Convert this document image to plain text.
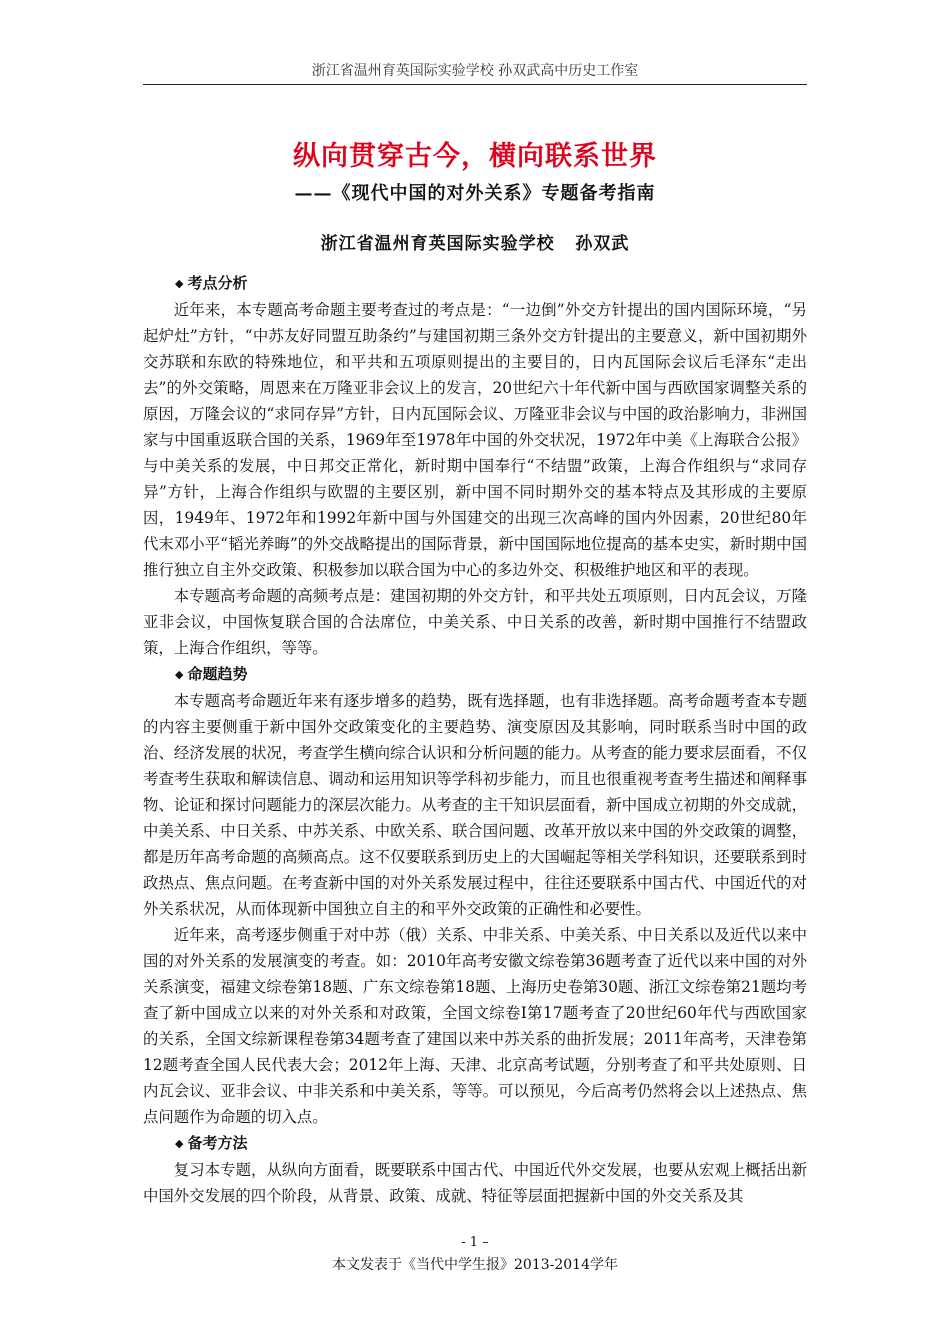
浙江省温州育英国际实验学校 孙双武高中历史工作室
纵向贯穿古今，横向联系世界
——《现代中国的对外关系》专题备考指南
浙江省温州育英国际实验学校   孙双武
◆ 考点分析

近年来，本专题高考命题主要考查过的考点是：“一边倒”外交方针提出的国内国际环境，“另起炉灶”方针，“中苏友好同盟互助条约”与建国初期三条外交方针提出的主要意义，新中国初期外交苏联和东欧的特殊地位，和平共和五项原则提出的主要目的，日内瓦国际会议后毛泽东“走出去”的外交策略，周恩来在万隆亚非会议上的发言，20世纪六十年代新中国与西欧国家调整关系的原因，万隆会议的“求同存异”方针，日内瓦国际会议、万隆亚非会议与中国的政治影响力，非洲国家与中国重返联合国的关系，1969年至1978年中国的外交状况，1972年中美《上海联合公报》与中美关系的发展，中日邦交正常化，新时期中国奉行“不结盟”政策，上海合作组织与“求同存异”方针，上海合作组织与欧盟的主要区别，新中国不同时期外交的基本特点及其形成的主要原因，1949年、1972年和1992年新中国与外国建交的出现三次高峰的国内外因素，20世纪80年代末邓小平“韬光养晦”的外交战略提出的国际背景，新中国国际地位提高的基本史实，新时期中国推行独立自主外交政策、积极参加以联合国为中心的多边外交、积极维护地区和平的表现。

本专题高考命题的高频考点是：建国初期的外交方针，和平共处五项原则，日内瓦会议，万隆亚非会议，中国恢复联合国的合法席位，中美关系、中日关系的改善，新时期中国推行不结盟政策，上海合作组织，等等。

◆ 命题趋势

本专题高考命题近年来有逐步增多的趋势，既有选择题，也有非选择题。高考命题考查本专题的内容主要侧重于新中国外交政策变化的主要趋势、演变原因及其影响，同时联系当时中国的政治、经济发展的状况，考查学生横向综合认识和分析问题的能力。从考查的能力要求层面看，不仅考查考生获取和解读信息、调动和运用知识等学科初步能力，而且也很重视考查考生描述和阐释事物、论证和探讨问题能力的深层次能力。从考查的主干知识层面看，新中国成立初期的外交成就，中美关系、中日关系、中苏关系、中欧关系、联合国问题、改革开放以来中国的外交政策的调整，都是历年高考命题的高频高点。这不仅要联系到历史上的大国崛起等相关学科知识，还要联系到时政热点、焦点问题。在考查新中国的对外关系发展过程中，往往还要联系中国古代、中国近代的对外关系状况，从而体现新中国独立自主的和平外交政策的正确性和必要性。

近年来，高考逐步侧重于对中苏（俄）关系、中非关系、中美关系、中日关系以及近代以来中国的对外关系的发展演变的考查。如：2010年高考安徽文综卷第36题考查了近代以来中国的对外关系演变，福建文综卷第18题、广东文综卷第18题、上海历史卷第30题、浙江文综卷第21题均考查了新中国成立以来的对外关系和对政策，全国文综卷Ⅰ第17题考查了20世纪60年代与西欧国家的关系，全国文综新课程卷第34题考查了建国以来中苏关系的曲折发展；2011年高考，天津卷第12题考查全国人民代表大会；2012年上海、天津、北京高考试题，分别考查了和平共处原则、日内瓦会议、亚非会议、中非关系和中美关系，等等。可以预见，今后高考仍然将会以上述热点、焦点问题作为命题的切入点。

◆ 备考方法

复习本专题，从纵向方面看，既要联系中国古代、中国近代外交发展，也要从宏观上概括出新中国外交发展的四个阶段，从背景、政策、成就、特征等层面把握新中国的外交关系及其

- 1 –
本文发表于《当代中学生报》2013-2014学年
